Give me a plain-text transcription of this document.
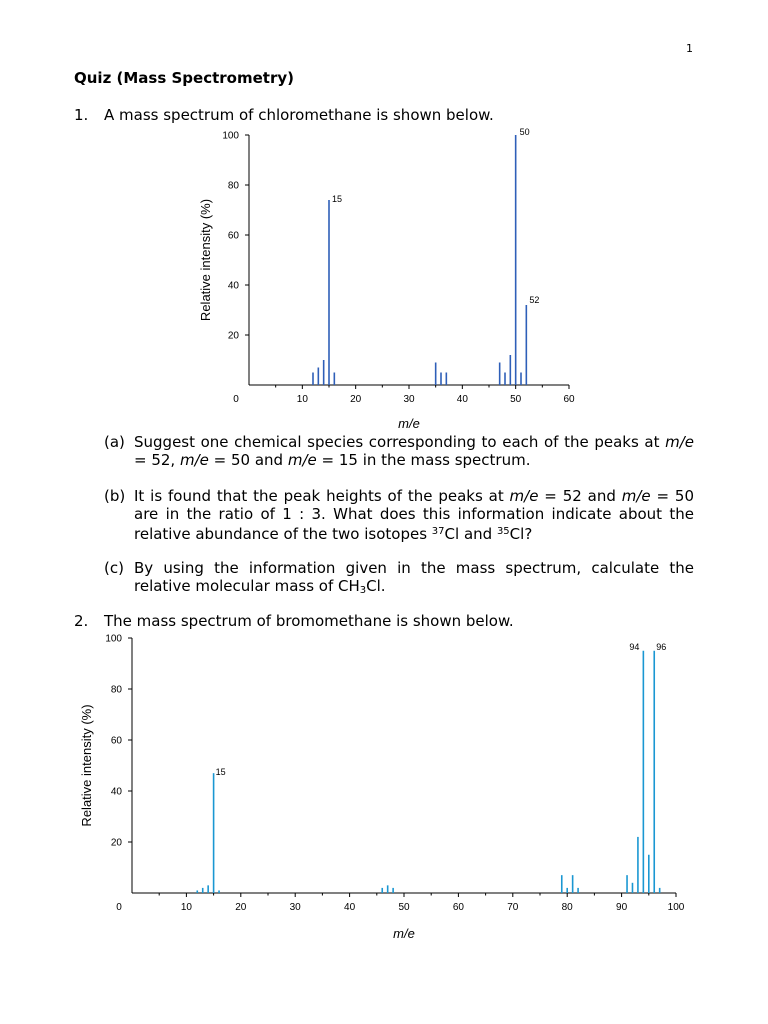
1
Quiz (Mass Spectrometry)
1. A mass spectrum of chloromethane is shown below.
20
40
60
80
100
0	10	20	30	40	50	60
15
50
52
m/e
Relative intensity (%)
(a) Suggest one chemical species corresponding to each of the peaks at m/e = 52, m/e = 50 and m/e = 15 in the mass spectrum.
(b) It is found that the peak heights of the peaks at m/e = 52 and m/e = 50 are in the ratio of 1 : 3. What does this information indicate about the relative abundance of the two isotopes $^{37}$Cl and $^{35}$Cl?
(c) By using the information given in the mass spectrum, calculate the relative molecular mass of $CH_3Cl$.
2. The mass spectrum of bromomethane is shown below.
20
40
60
80
100
0	10	20	30	40	50	60	70	80	90	100
15
94 96
m/e
Relative intensity (%)
